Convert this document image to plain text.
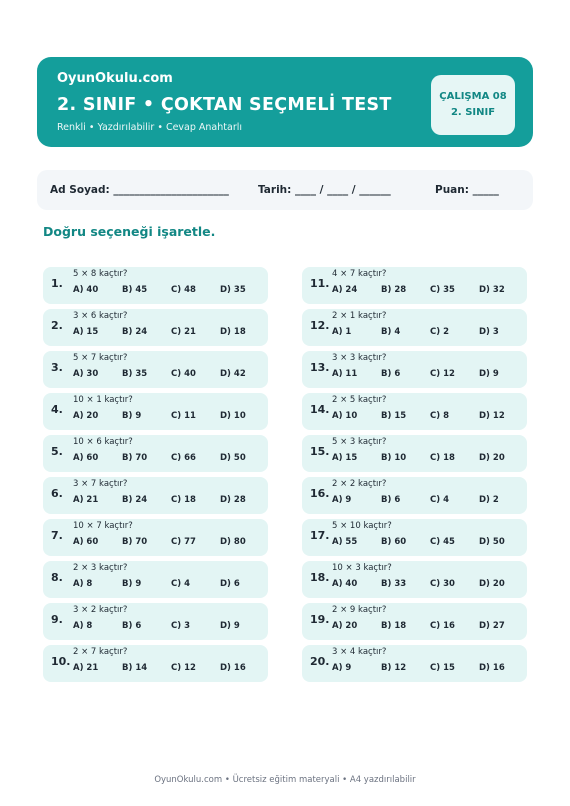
OyunOkulu.com
2. SINIF • ÇOKTAN SEÇMELİ TEST
Renkli • Yazdırılabilir • Cevap Anahtarlı
ÇALIŞMA 08
2. SINIF
Ad Soyad: ______________________	Tarih: ____ / ____ / ______	Puan: _____
Doğru seçeneği işaretle.
1.
5 × 8 kaçtır?
A) 40	B) 45	C) 48	D) 35
2.
3 × 6 kaçtır?
A) 15	B) 24	C) 21	D) 18
3.
5 × 7 kaçtır?
A) 30	B) 35	C) 40	D) 42
4.
10 × 1 kaçtır?
A) 20	B) 9	C) 11	D) 10
5.
10 × 6 kaçtır?
A) 60	B) 70	C) 66	D) 50
6.
3 × 7 kaçtır?
A) 21	B) 24	C) 18	D) 28
7.
10 × 7 kaçtır?
A) 60	B) 70	C) 77	D) 80
8.
2 × 3 kaçtır?
A) 8	B) 9	C) 4	D) 6
9.
3 × 2 kaçtır?
A) 8	B) 6	C) 3	D) 9
10.
2 × 7 kaçtır?
A) 21	B) 14	C) 12	D) 16
11.
4 × 7 kaçtır?
A) 24	B) 28	C) 35	D) 32
12.
2 × 1 kaçtır?
A) 1	B) 4	C) 2	D) 3
13.
3 × 3 kaçtır?
A) 11	B) 6	C) 12	D) 9
14.
2 × 5 kaçtır?
A) 10	B) 15	C) 8	D) 12
15.
5 × 3 kaçtır?
A) 15	B) 10	C) 18	D) 20
16.
2 × 2 kaçtır?
A) 9	B) 6	C) 4	D) 2
17.
5 × 10 kaçtır?
A) 55	B) 60	C) 45	D) 50
18.
10 × 3 kaçtır?
A) 40	B) 33	C) 30	D) 20
19.
2 × 9 kaçtır?
A) 20	B) 18	C) 16	D) 27
20.
3 × 4 kaçtır?
A) 9	B) 12	C) 15	D) 16
OyunOkulu.com • Ücretsiz eğitim materyali • A4 yazdırılabilir
